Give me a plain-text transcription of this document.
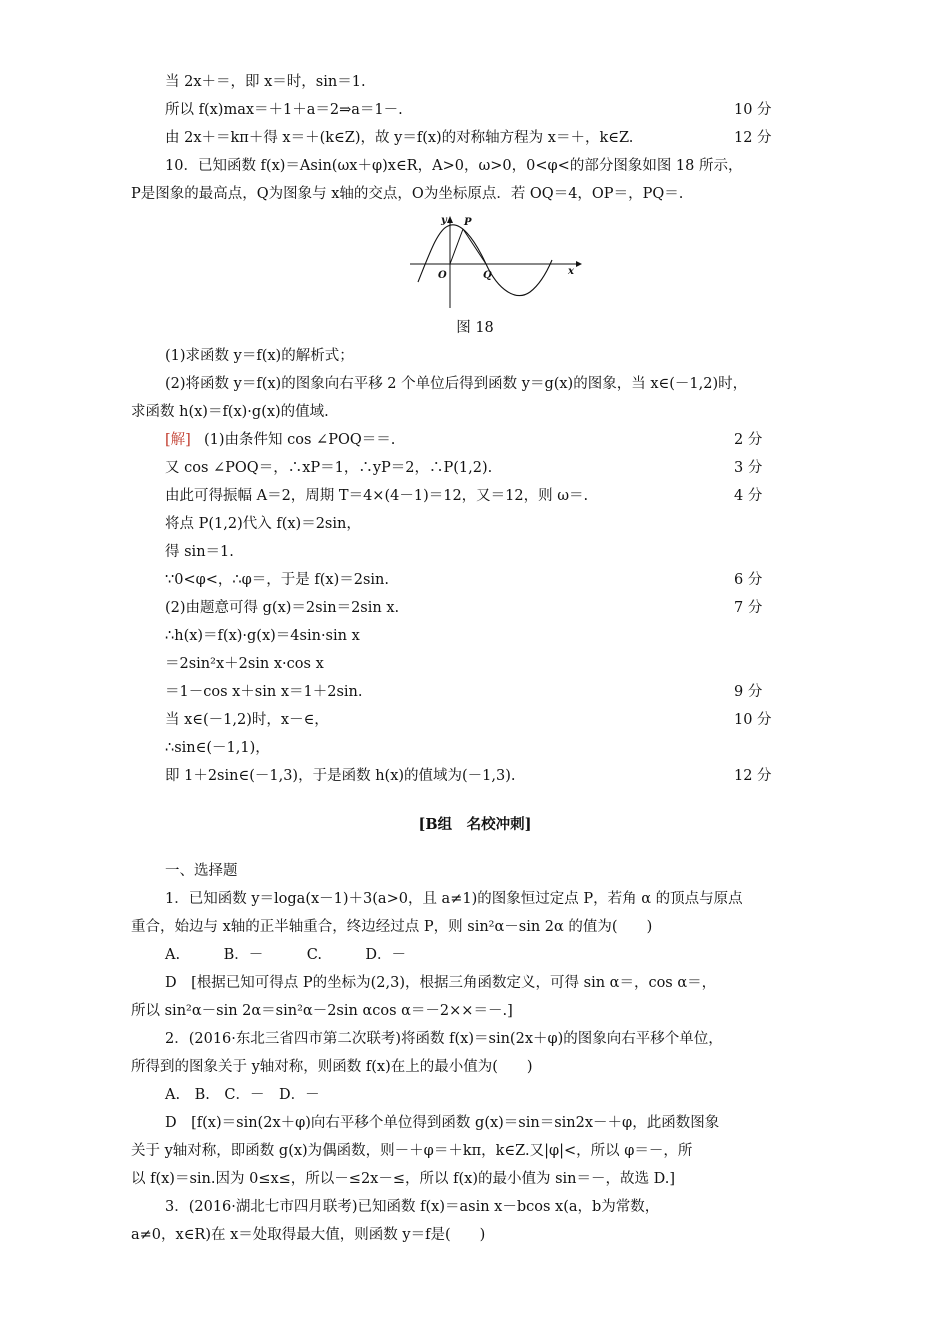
当 2x＋＝，即 x＝时，sin＝1.
所以 f(x)max＝＋1＋a＝2⇒a＝1－.	10 分
由 2x＋＝kπ＋得 x＝＋(k∈Z)，故 y＝f(x)的对称轴方程为 x＝＋，k∈Z.	12 分
10．已知函数 f(x)＝Asin(ωx＋φ)x∈R，A>0，ω>0，0<φ<的部分图象如图 18 所示，
P是图象的最高点，Q为图象与 x轴的交点，O为坐标原点．若 OQ＝4，OP＝，PQ＝.
y P
O	Q	x
图 18
(1)求函数 y＝f(x)的解析式；
(2)将函数 y＝f(x)的图象向右平移 2 个单位后得到函数 y＝g(x)的图象，当 x∈(－1,2)时，
求函数 h(x)＝f(x)·g(x)的值域.
[解] (1)由条件知 cos ∠POQ＝＝.	2 分
又 cos ∠POQ＝，∴xP＝1，∴yP＝2，∴P(1,2).	3 分
由此可得振幅 A＝2，周期 T＝4×(4－1)＝12，又＝12，则 ω＝.	4 分
将点 P(1,2)代入 f(x)＝2sin，
得 sin＝1.
∵0<φ<，∴φ＝，于是 f(x)＝2sin.	6 分
(2)由题意可得 g(x)＝2sin＝2sin x.	7 分
∴h(x)＝f(x)·g(x)＝4sin·sin x
＝2sin²x＋2sin x·cos x
＝1－cos x＋sin x＝1＋2sin.	9 分
当 x∈(－1,2)时，x－∈，	10 分
∴sin∈(－1,1)，
即 1＋2sin∈(－1,3)，于是函数 h(x)的值域为(－1,3).	12 分
[B组　名校冲刺]
一、选择题
1．已知函数 y＝loga(x－1)＋3(a>0，且 a≠1)的图象恒过定点 P，若角 α 的顶点与原点
重合，始边与 x轴的正半轴重合，终边经过点 P，则 sin²α－sin 2α 的值为(　　)
A.　　　B．－　　　C.　　　D．－
D　[根据已知可得点 P的坐标为(2,3)，根据三角函数定义，可得 sin α＝，cos α＝，
所以 sin²α－sin 2α＝sin²α－2sin αcos α＝－2××＝－.]
2．(2016·东北三省四市第二次联考)将函数 f(x)＝sin(2x＋φ)的图象向右平移个单位，
所得到的图象关于 y轴对称，则函数 f(x)在上的最小值为(　　)
A.　B.　C．－　D．－
D　[f(x)＝sin(2x＋φ)向右平移个单位得到函数 g(x)＝sin＝sin2x－＋φ，此函数图象
关于 y轴对称，即函数 g(x)为偶函数，则－＋φ＝＋kπ，k∈Z.又|φ|<，所以 φ＝－，所
以 f(x)＝sin.因为 0≤x≤，所以－≤2x－≤，所以 f(x)的最小值为 sin＝－，故选 D.]
3．(2016·湖北七市四月联考)已知函数 f(x)＝asin x－bcos x(a，b为常数，
a≠0，x∈R)在 x＝处取得最大值，则函数 y＝f是(　　)
